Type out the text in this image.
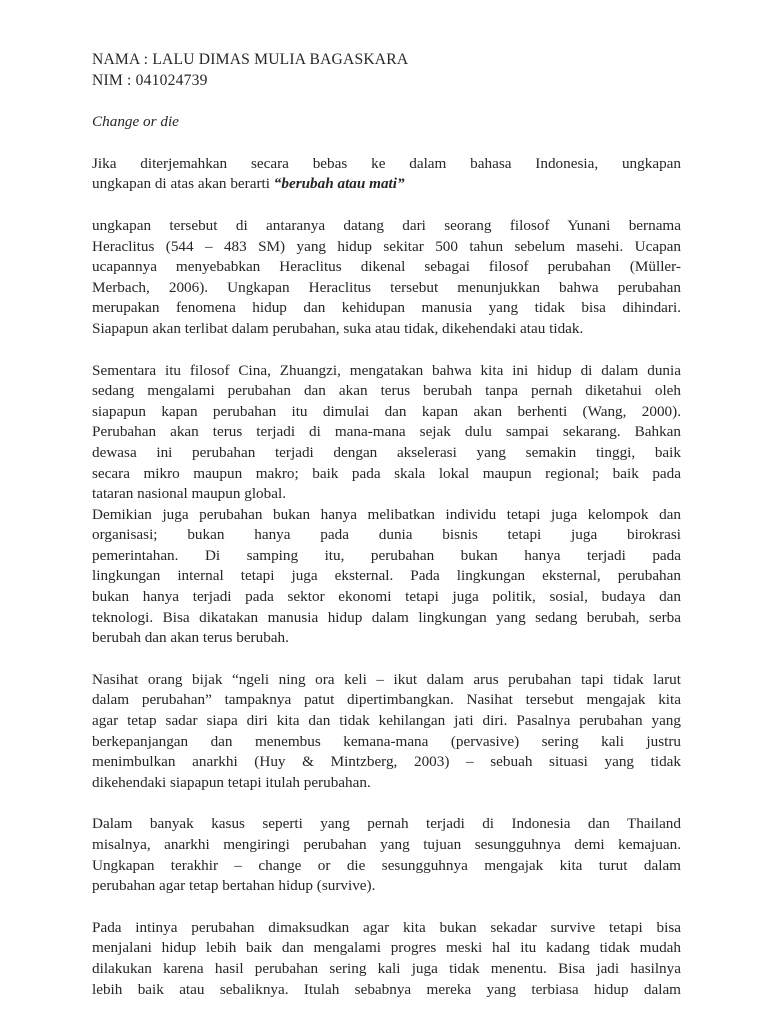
NAMA : LALU DIMAS MULIA BAGASKARA
NIM : 041024739
Change or die
Jika diterjemahkan secara bebas ke dalam bahasa Indonesia, ungkapan
ungkapan di atas akan berarti “berubah atau mati”
ungkapan tersebut di antaranya datang dari seorang filosof Yunani bernama
Heraclitus (544 – 483 SM) yang hidup sekitar 500 tahun sebelum masehi. Ucapan
ucapannya menyebabkan Heraclitus dikenal sebagai filosof perubahan (Müller-
Merbach, 2006). Ungkapan Heraclitus tersebut menunjukkan bahwa perubahan
merupakan fenomena hidup dan kehidupan manusia yang tidak bisa dihindari.
Siapapun akan terlibat dalam perubahan, suka atau tidak, dikehendaki atau tidak.
Sementara itu filosof Cina, Zhuangzi, mengatakan bahwa kita ini hidup di dalam dunia
sedang mengalami perubahan dan akan terus berubah tanpa pernah diketahui oleh
siapapun kapan perubahan itu dimulai dan kapan akan berhenti (Wang, 2000).
Perubahan akan terus terjadi di mana-mana sejak dulu sampai sekarang. Bahkan
dewasa ini perubahan terjadi dengan akselerasi yang semakin tinggi, baik
secara mikro maupun makro; baik pada skala lokal maupun regional; baik pada
tataran nasional maupun global.
Demikian juga perubahan bukan hanya melibatkan individu tetapi juga kelompok dan
organisasi; bukan hanya pada dunia bisnis tetapi juga birokrasi
pemerintahan. Di samping itu, perubahan bukan hanya terjadi pada
lingkungan internal tetapi juga eksternal. Pada lingkungan eksternal, perubahan
bukan hanya terjadi pada sektor ekonomi tetapi juga politik, sosial, budaya dan
teknologi. Bisa dikatakan manusia hidup dalam lingkungan yang sedang berubah, serba
berubah dan akan terus berubah.
Nasihat orang bijak “ngeli ning ora keli – ikut dalam arus perubahan tapi tidak larut
dalam perubahan” tampaknya patut dipertimbangkan. Nasihat tersebut mengajak kita
agar tetap sadar siapa diri kita dan tidak kehilangan jati diri. Pasalnya perubahan yang
berkepanjangan dan menembus kemana-mana (pervasive) sering kali justru
menimbulkan anarkhi (Huy & Mintzberg, 2003) – sebuah situasi yang tidak
dikehendaki siapapun tetapi itulah perubahan.
Dalam banyak kasus seperti yang pernah terjadi di Indonesia dan Thailand
misalnya, anarkhi mengiringi perubahan yang tujuan sesungguhnya demi kemajuan.
Ungkapan terakhir – change or die sesungguhnya mengajak kita turut dalam
perubahan agar tetap bertahan hidup (survive).
Pada intinya perubahan dimaksudkan agar kita bukan sekadar survive tetapi bisa
menjalani hidup lebih baik dan mengalami progres meski hal itu kadang tidak mudah
dilakukan karena hasil perubahan sering kali juga tidak menentu. Bisa jadi hasilnya
lebih baik atau sebaliknya. Itulah sebabnya mereka yang terbiasa hidup dalam
